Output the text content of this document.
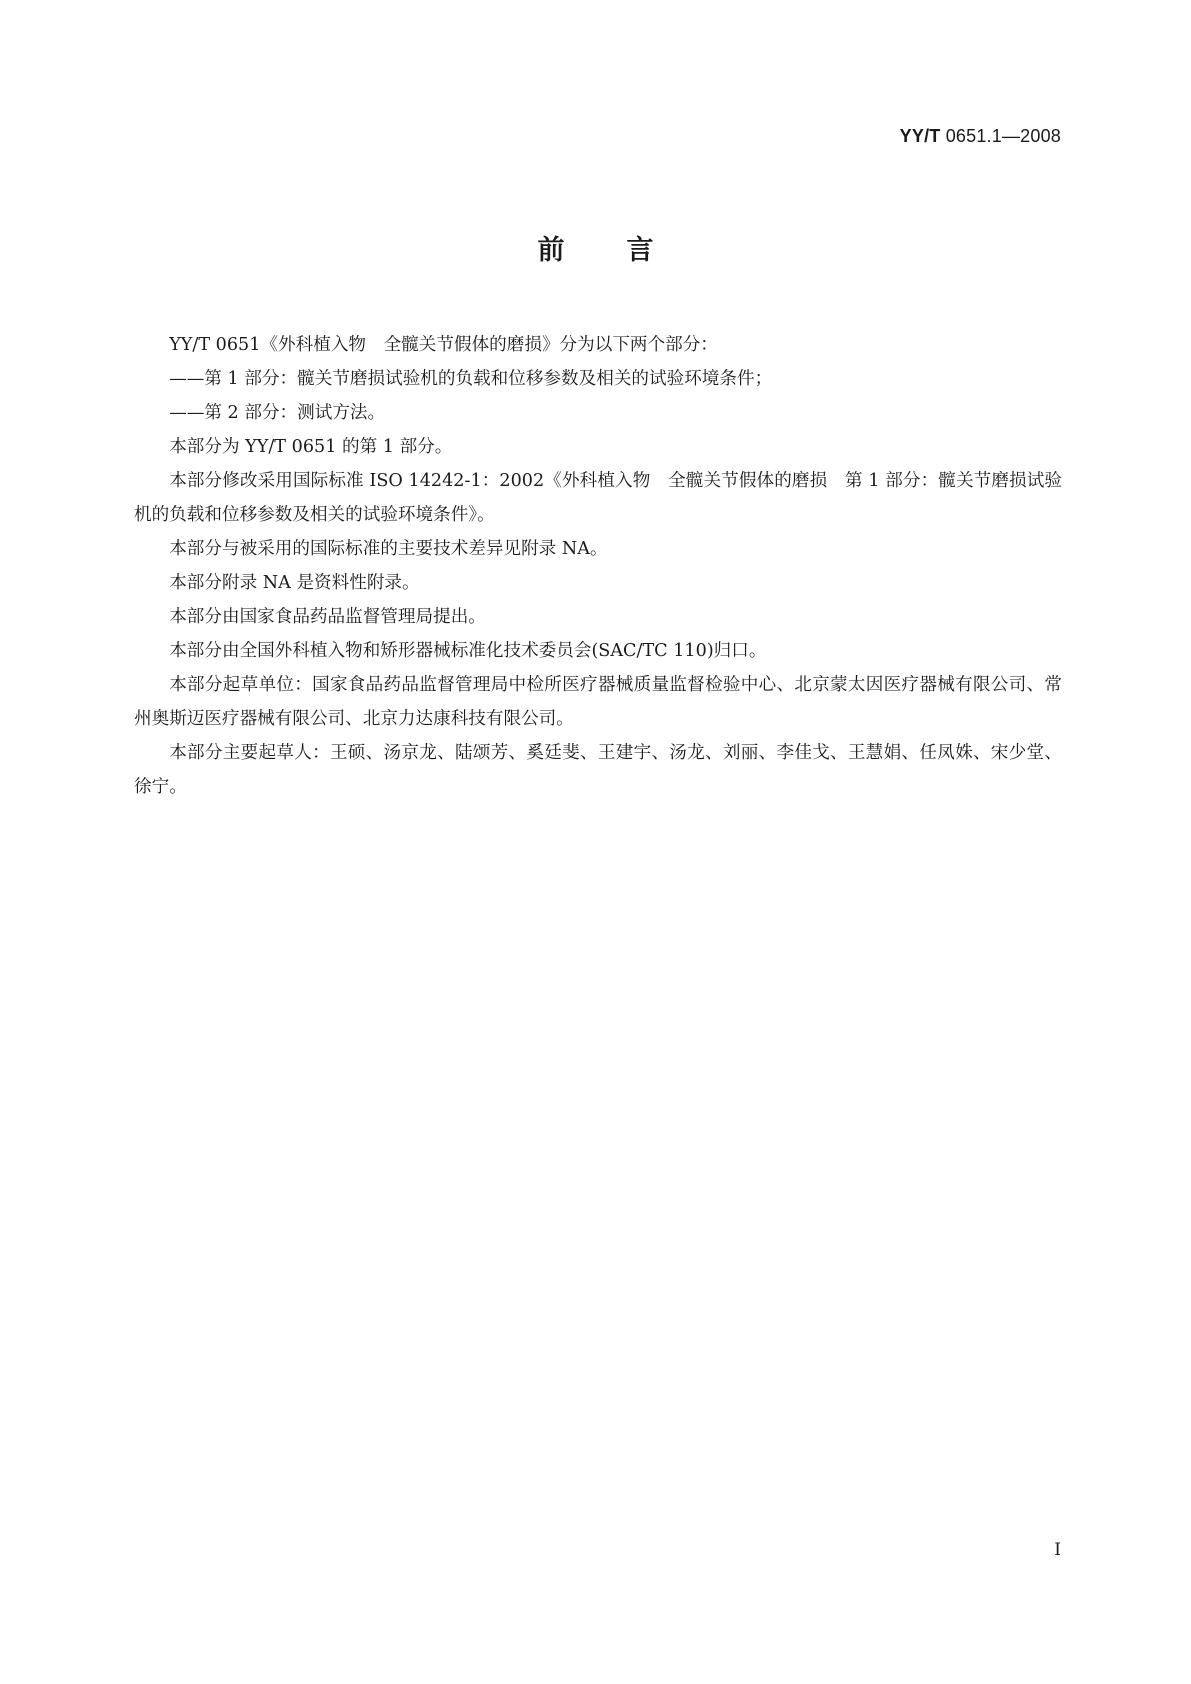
YY/T 0651.1—2008
前言

YY/T 0651《外科植入物　全髋关节假体的磨损》分为以下两个部分：

——第 1 部分：髋关节磨损试验机的负载和位移参数及相关的试验环境条件；

——第 2 部分：测试方法。

本部分为 YY/T 0651 的第 1 部分。

本部分修改采用国际标准 ISO 14242-1：2002《外科植入物　全髋关节假体的磨损　第 1 部分：髋关节磨损试验机的负载和位移参数及相关的试验环境条件》。

本部分与被采用的国际标准的主要技术差异见附录 NA。

本部分附录 NA 是资料性附录。

本部分由国家食品药品监督管理局提出。

本部分由全国外科植入物和矫形器械标准化技术委员会(SAC/TC 110)归口。

本部分起草单位：国家食品药品监督管理局中检所医疗器械质量监督检验中心、北京蒙太因医疗器械有限公司、常州奥斯迈医疗器械有限公司、北京力达康科技有限公司。

本部分主要起草人：王硕、汤京龙、陆颂芳、奚廷斐、王建宇、汤龙、刘丽、李佳戈、王慧娟、任凤姝、宋少堂、徐宁。

I
